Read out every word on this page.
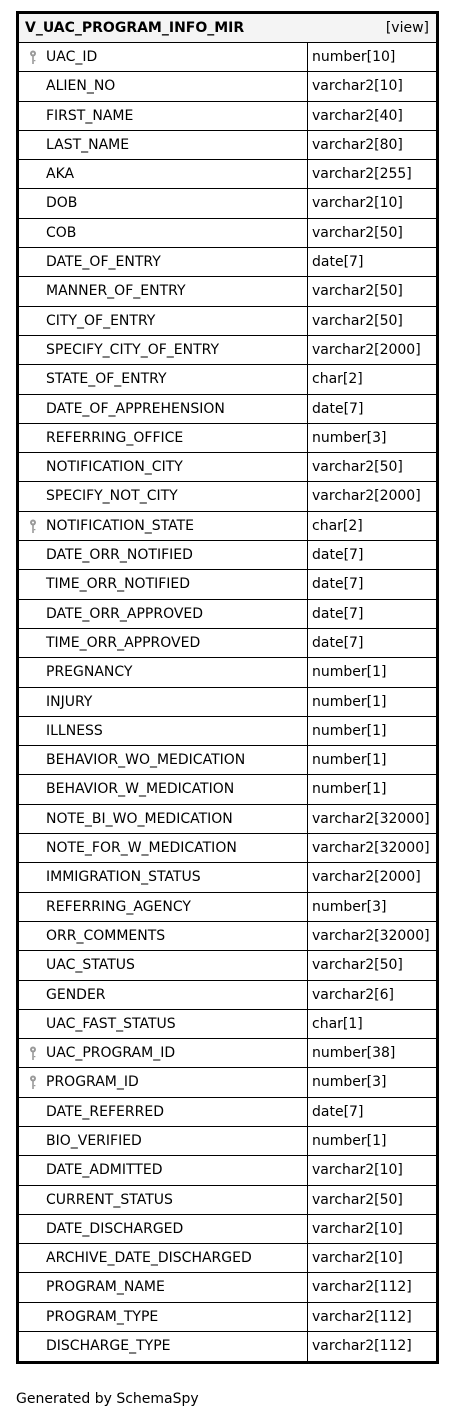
V_UAC_PROGRAM_INFO_MIR	[view]
UAC_ID	number[10]
ALIEN_NO	varchar2[10]
FIRST_NAME	varchar2[40]
LAST_NAME	varchar2[80]
AKA	varchar2[255]
DOB	varchar2[10]
COB	varchar2[50]
DATE_OF_ENTRY	date[7]
MANNER_OF_ENTRY	varchar2[50]
CITY_OF_ENTRY	varchar2[50]
SPECIFY_CITY_OF_ENTRY	varchar2[2000]
STATE_OF_ENTRY	char[2]
DATE_OF_APPREHENSION	date[7]
REFERRING_OFFICE	number[3]
NOTIFICATION_CITY	varchar2[50]
SPECIFY_NOT_CITY	varchar2[2000]
NOTIFICATION_STATE	char[2]
DATE_ORR_NOTIFIED	date[7]
TIME_ORR_NOTIFIED	date[7]
DATE_ORR_APPROVED	date[7]
TIME_ORR_APPROVED	date[7]
PREGNANCY	number[1]
INJURY	number[1]
ILLNESS	number[1]
BEHAVIOR_WO_MEDICATION	number[1]
BEHAVIOR_W_MEDICATION	number[1]
NOTE_BI_WO_MEDICATION	varchar2[32000]
NOTE_FOR_W_MEDICATION	varchar2[32000]
IMMIGRATION_STATUS	varchar2[2000]
REFERRING_AGENCY	number[3]
ORR_COMMENTS	varchar2[32000]
UAC_STATUS	varchar2[50]
GENDER	varchar2[6]
UAC_FAST_STATUS	char[1]
UAC_PROGRAM_ID	number[38]
PROGRAM_ID	number[3]
DATE_REFERRED	date[7]
BIO_VERIFIED	number[1]
DATE_ADMITTED	varchar2[10]
CURRENT_STATUS	varchar2[50]
DATE_DISCHARGED	varchar2[10]
ARCHIVE_DATE_DISCHARGED	varchar2[10]
PROGRAM_NAME	varchar2[112]
PROGRAM_TYPE	varchar2[112]
DISCHARGE_TYPE	varchar2[112]
Generated by SchemaSpy
